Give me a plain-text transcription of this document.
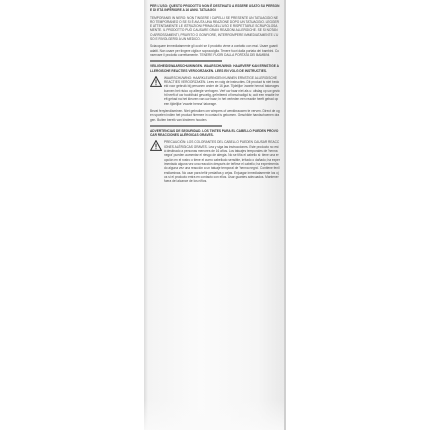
PER L'USO: QUESTO PRODOTTO NON È DESTINATO A ESSERE USATO SU PERSONE DI ETÀ INFERIORE A 16 ANNI. TATUAGGI
TEMPORANEI IN NERO: NON TINGERE I CAPELLI SE PRESENTE UN TATUAGGIO NERO TEMPORANEO O SE SI È AVUTA UNA REAZIONE DOPO UN TATUAGGIO. LEGGERE ATTENTAMENTE LE ISTRUZIONI PRIMA DELL'USO E RISPETTARLE SCRUPOLOSAMENTE. IL PRODOTTO PUÒ CAUSARE GRAVI REAZIONI ALLERGICHE. SE SI NOTANO ARROSSAMENTI, PRURITO O GONFIORE, INTERROMPERE IMMEDIATAMENTE L'USO E RIVOLGERSI A UN MEDICO.
Sciacquare immediatamente gli occhi se il prodotto viene a contatto con essi. Usare guanti adatti. Non usare per tingere ciglia e sopracciglia. Tenere fuori dalla portata dei bambini. Conservare il prodotto correttamente. TENERE FUORI DALLA PORTATA DEI BAMBINI.
VEILIGHEIDSWAARSCHUWINGEN. WAARSCHUWING: HAARVERF KAN ERNSTIGE ALLERGISCHE REACTIES VEROORZAKEN. LEES EN VOLG DE INSTRUCTIES.
WAARSCHUWING: HAARKLEURINGEN KUNNEN ERNSTIGE ALLERGISCHE REACTIES VEROORZAKEN. Lees en volg de instructies. Dit product is niet bedoeld voor gebruik bij personen onder de 16 jaar. Tijdelijke 'zwarte henna' tatoeages kunnen het risico op allergie verhogen. Verf uw haar niet als u: uitslag op uw gezicht heeft of uw hoofdhuid gevoelig, geïrriteerd of beschadigd is; ooit een reactie heeft gehad na het kleuren van uw haar; in het verleden een reactie heeft gehad op een tijdelijke 'zwarte henna' tatoeage.
Bevat fenylendiaminen. Niet gebruiken om wimpers of wenkbrauwen te verven. Direct de ogen spoelen indien het product hiermee in contact is gekomen. Geschikte handschoenen dragen. Buiten bereik van kinderen houden.
ADVERTENCIAS DE SEGURIDAD. LOS TINTES PARA EL CABELLO PUEDEN PROVOCAR REACCIONES ALÉRGICAS GRAVES.
PRECAUCIÓN: LOS COLORANTES DEL CABELLO PUEDEN CAUSAR REACCIONES ALÉRGICAS GRAVES. Lea y siga las instrucciones. Este producto no está destinado a personas menores de 16 años. Los tatuajes temporales de 'henna negra' pueden aumentar el riesgo de alergia. No se tiña el cabello si: tiene una erupción en el rostro o tiene el cuero cabelludo sensible, irritado o dañado; ha experimentado alguna vez una reacción después de teñirse el cabello; ha experimentado alguna vez una reacción a un tatuaje temporal de 'henna negra'. Contiene fenilendiaminas. No usar para teñir pestañas y cejas. Enjuagar inmediatamente los ojos si el producto entra en contacto con ellos. Usar guantes adecuados. Mantener fuera del alcance de los niños.
